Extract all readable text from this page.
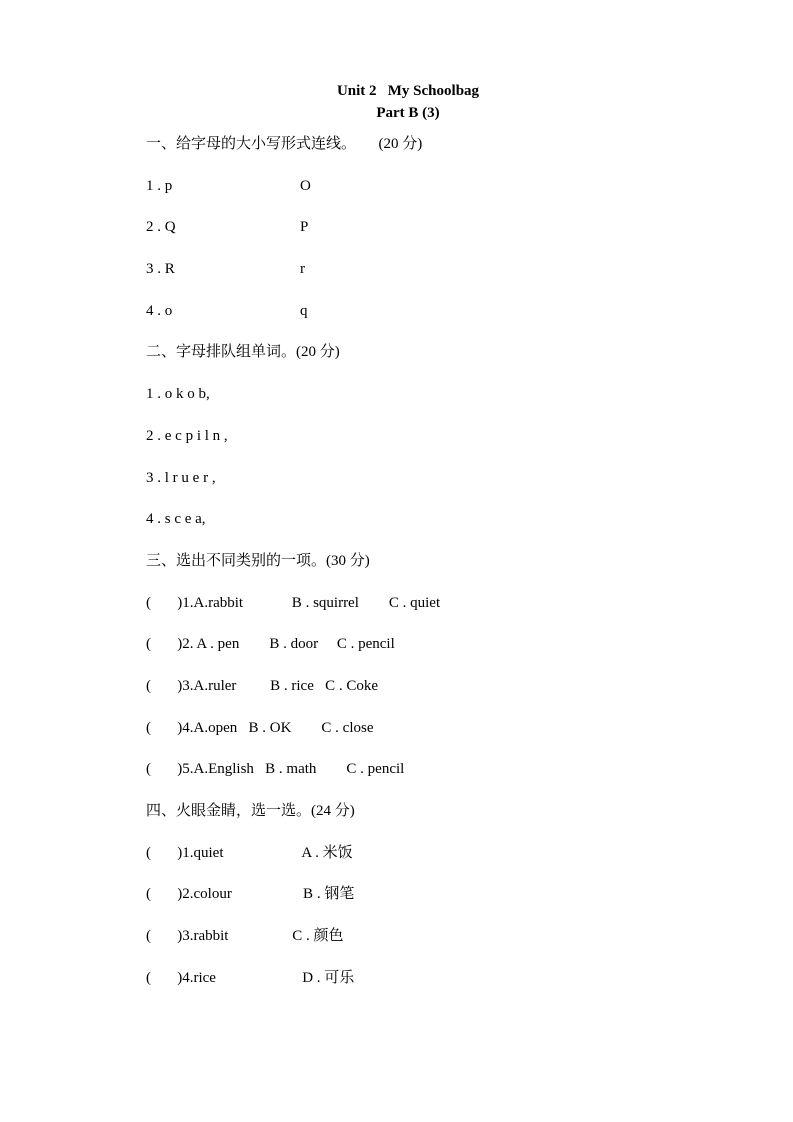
Unit 2   My Schoolbag
Part B (3)
一、给字母的大小写形式连线。      (20 分)
1 . p	O
2 . Q	P
3 . R	r
4 . o	q
二、字母排队组单词。(20 分)
1 . o k o b,
2 . e c p i l n ,
3 . l r u e r ,
4 . s c e a,
三、选出不同类别的一项。(30 分)
(       )1.A.rabbit             B . squirrel        C . quiet
(       )2. A . pen        B . door     C . pencil
(       )3.A.ruler         B . rice   C . Coke
(       )4.A.open   B . OK        C . close
(       )5.A.English   B . math        C . pencil
四、火眼金睛，选一选。(24 分)
(       )1.quiet                     A . 米饭
(       )2.colour                   B . 钢笔
(       )3.rabbit                 C . 颜色
(       )4.rice                       D . 可乐
